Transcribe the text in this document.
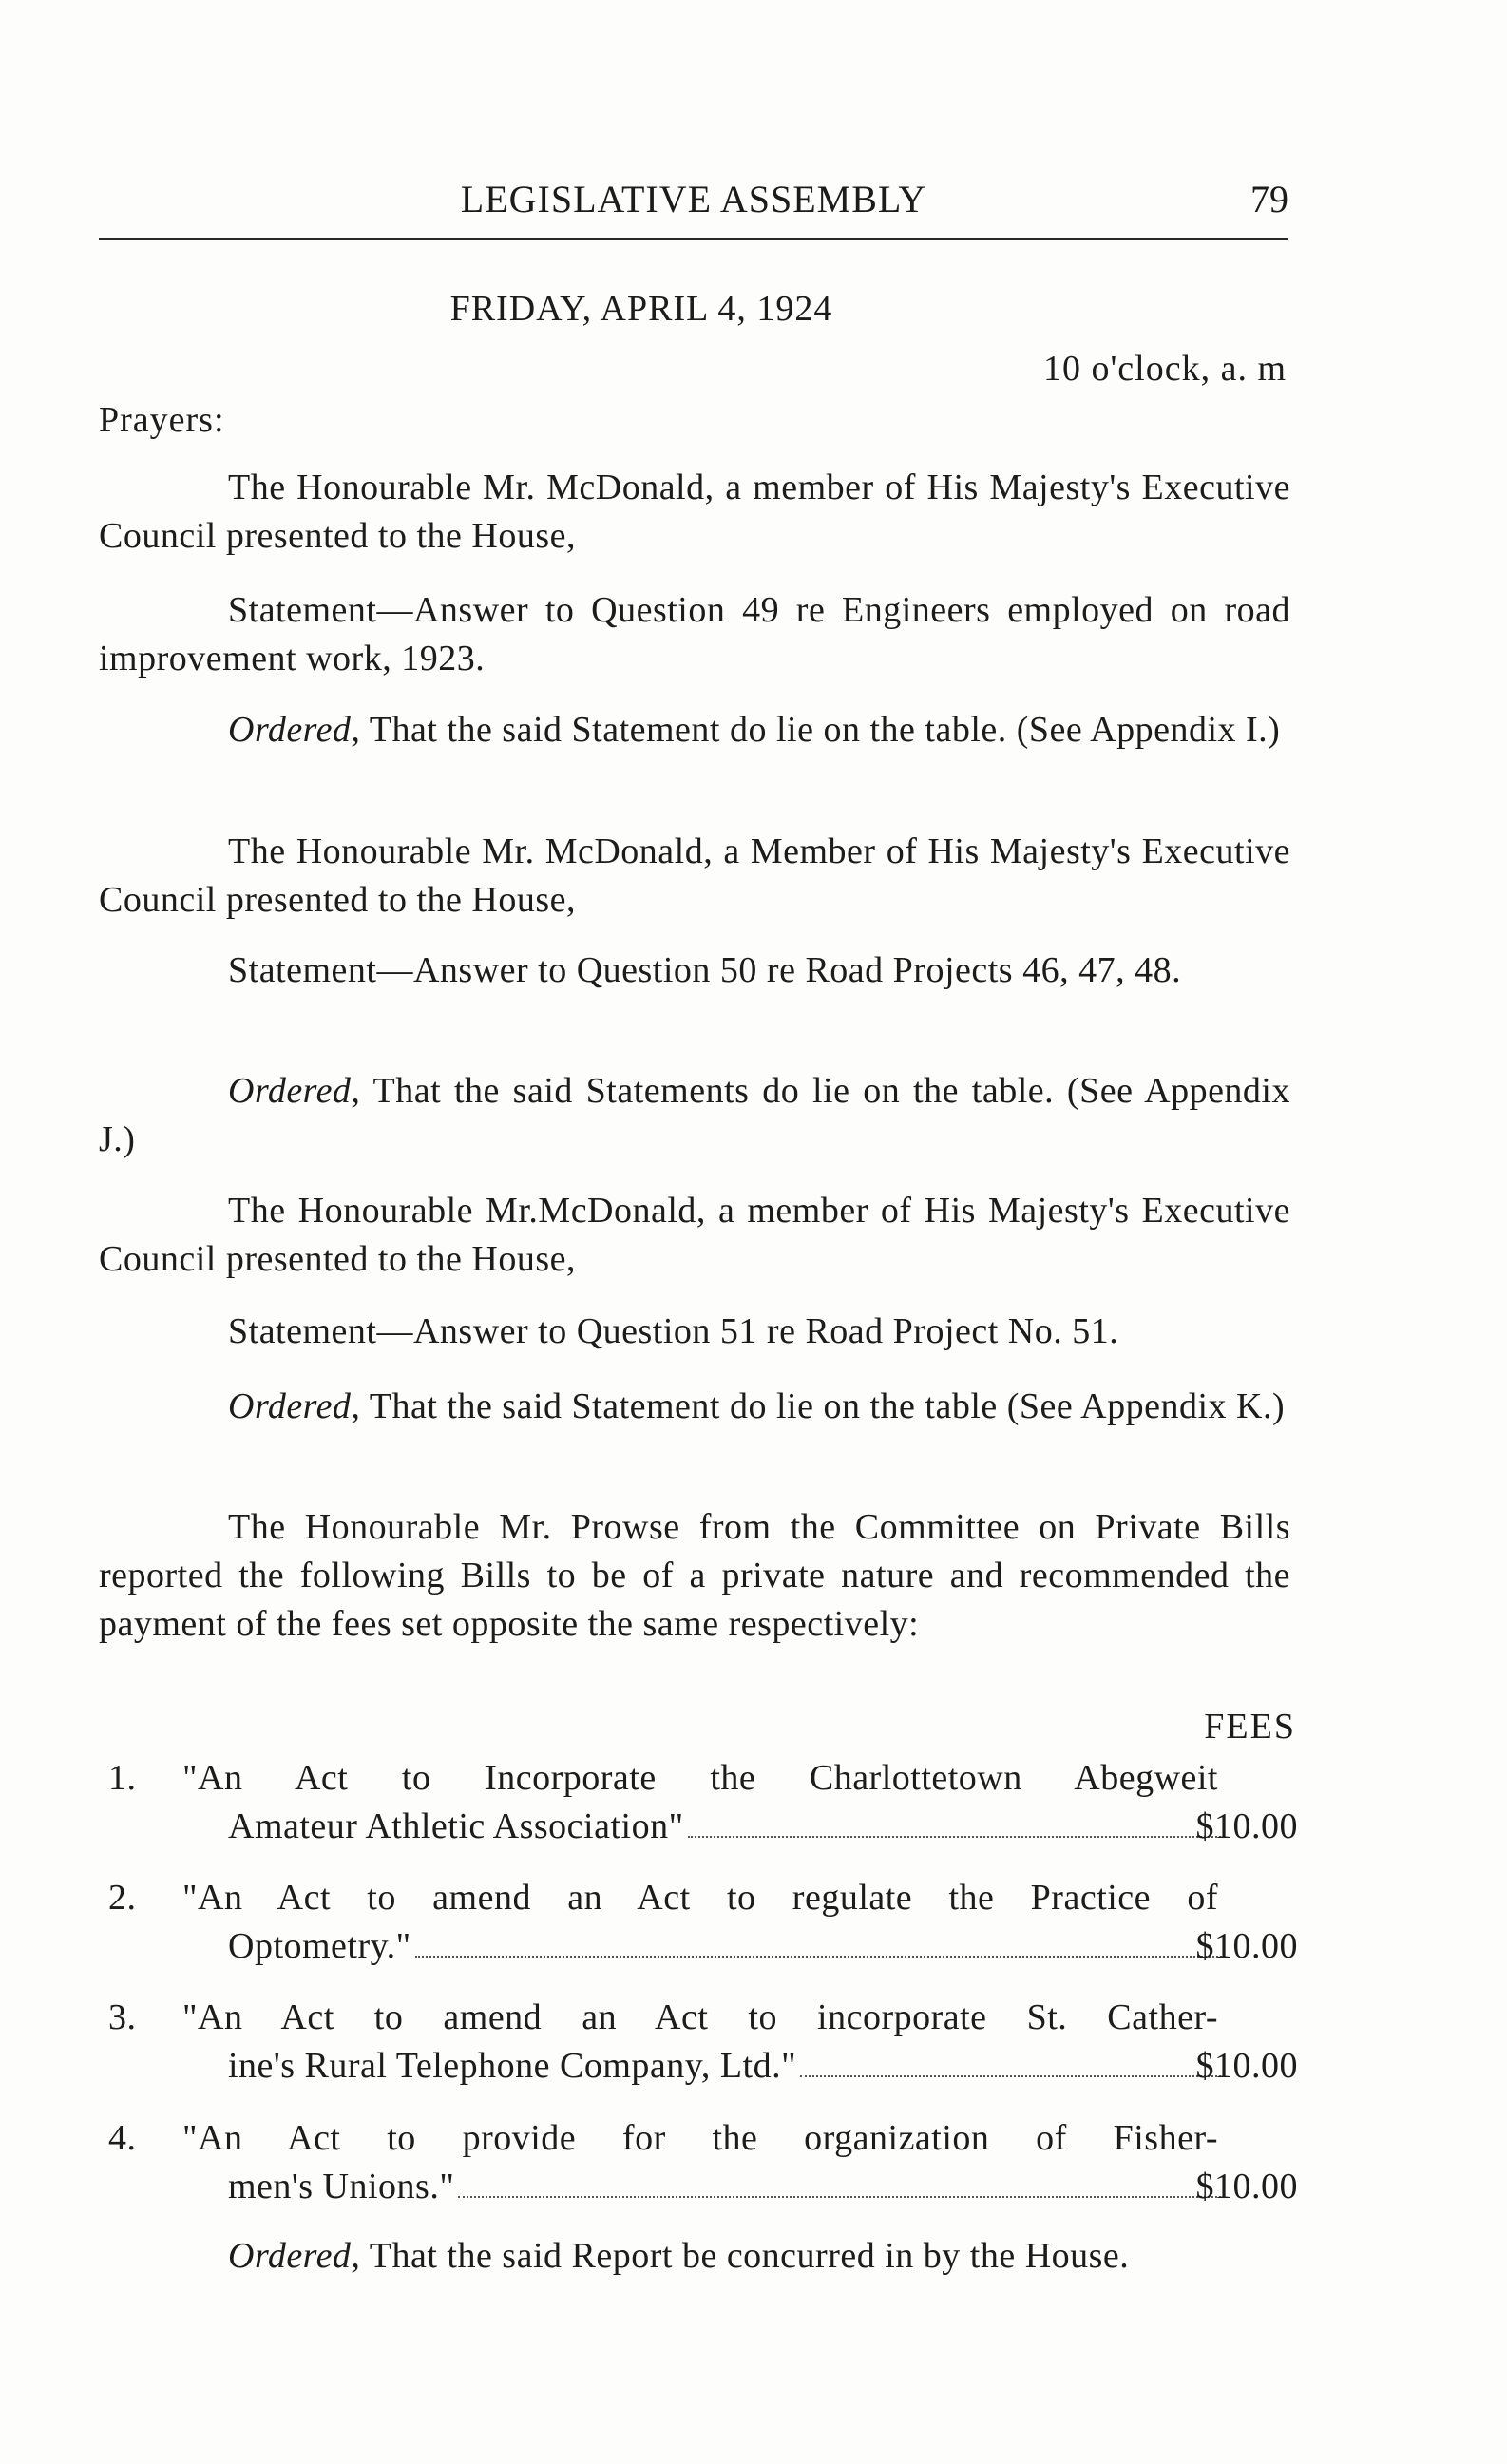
LEGISLATIVE ASSEMBLY	79
FRIDAY, APRIL 4, 1924
10 o'clock, a. m
Prayers:
The Honourable Mr. McDonald, a member of His Majesty's Executive Council presented to the House,
Statement—Answer to Question 49 re Engineers employed on road improvement work, 1923.
Ordered, That the said Statement do lie on the table. (See Appendix I.)
The Honourable Mr. McDonald, a Member of His Majesty's Executive Council presented to the House,
Statement—Answer to Question 50 re Road Projects 46, 47, 48.
Ordered, That the said Statements do lie on the table. (See Appendix J.)
The Honourable Mr.McDonald, a member of His Majesty's Executive Council presented to the House,
Statement—Answer to Question 51 re Road Project No. 51.
Ordered, That the said Statement do lie on the table (See Appendix K.)
The Honourable Mr. Prowse from the Committee on Private Bills reported the following Bills to be of a private nature and recommended the payment of the fees set opposite the same respectively:
FEES
1. "An Act to Incorporate the Charlottetown Abegweit
Amateur Athletic Association"	$10.00
2. "An Act to amend an Act to regulate the Practice of
Optometry."	$10.00
3. "An Act to amend an Act to incorporate St. Cather-
ine's Rural Telephone Company, Ltd."	$10.00
4. "An Act to provide for the organization of Fisher-
men's Unions."	$10.00
Ordered, That the said Report be concurred in by the House.
